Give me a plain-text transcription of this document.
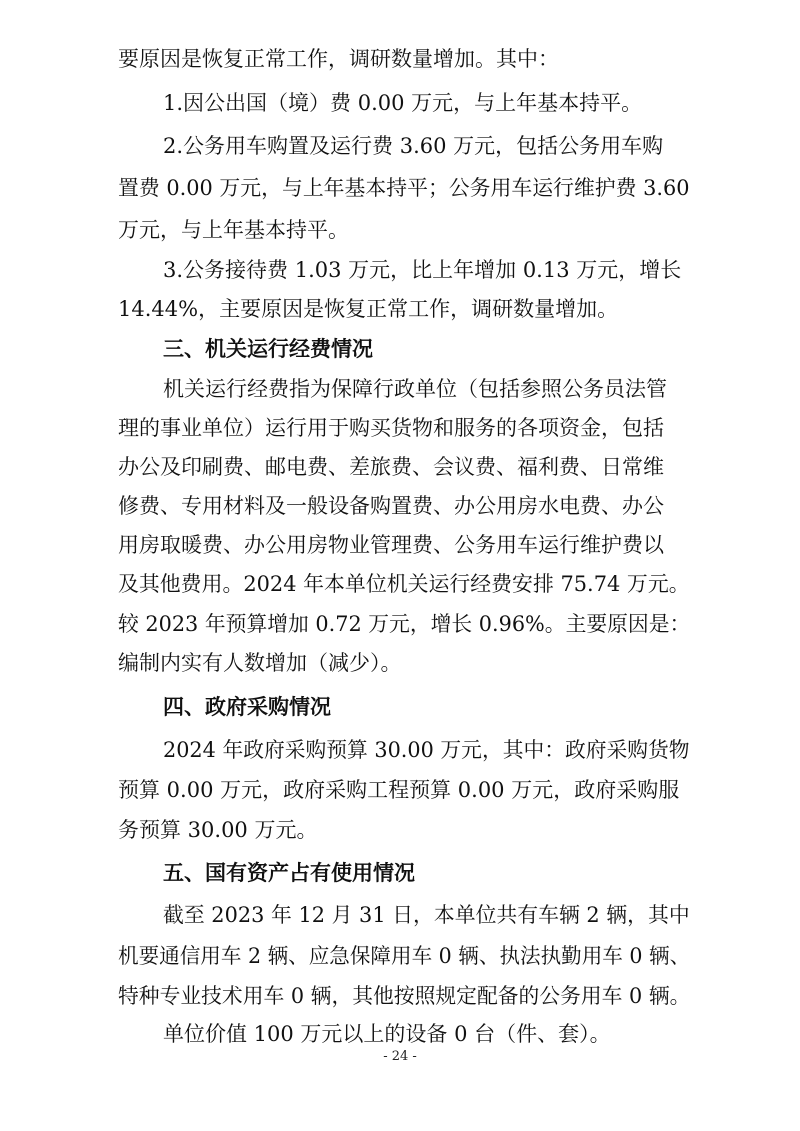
要原因是恢复正常工作，调研数量增加。其中：
1.因公出国（境）费 0.00 万元，与上年基本持平。
2.公务用车购置及运行费 3.60 万元，包括公务用车购
置费 0.00 万元，与上年基本持平；公务用车运行维护费 3.60
万元，与上年基本持平。
3.公务接待费 1.03 万元，比上年增加 0.13 万元，增长
14.44%，主要原因是恢复正常工作，调研数量增加。
三、机关运行经费情况
机关运行经费指为保障行政单位（包括参照公务员法管
理的事业单位）运行用于购买货物和服务的各项资金，包括
办公及印刷费、邮电费、差旅费、会议费、福利费、日常维
修费、专用材料及一般设备购置费、办公用房水电费、办公
用房取暖费、办公用房物业管理费、公务用车运行维护费以
及其他费用。2024 年本单位机关运行经费安排 75.74 万元。
较 2023 年预算增加 0.72 万元，增长 0.96%。主要原因是：
编制内实有人数增加（减少）。
四、政府采购情况
2024 年政府采购预算 30.00 万元，其中：政府采购货物
预算 0.00 万元，政府采购工程预算 0.00 万元，政府采购服
务预算 30.00 万元。
五、国有资产占有使用情况
截至 2023 年 12 月 31 日，本单位共有车辆 2 辆，其中
机要通信用车 2 辆、应急保障用车 0 辆、执法执勤用车 0 辆、
特种专业技术用车 0 辆，其他按照规定配备的公务用车 0 辆。
单位价值 100 万元以上的设备 0 台（件、套）。
- 24 -
